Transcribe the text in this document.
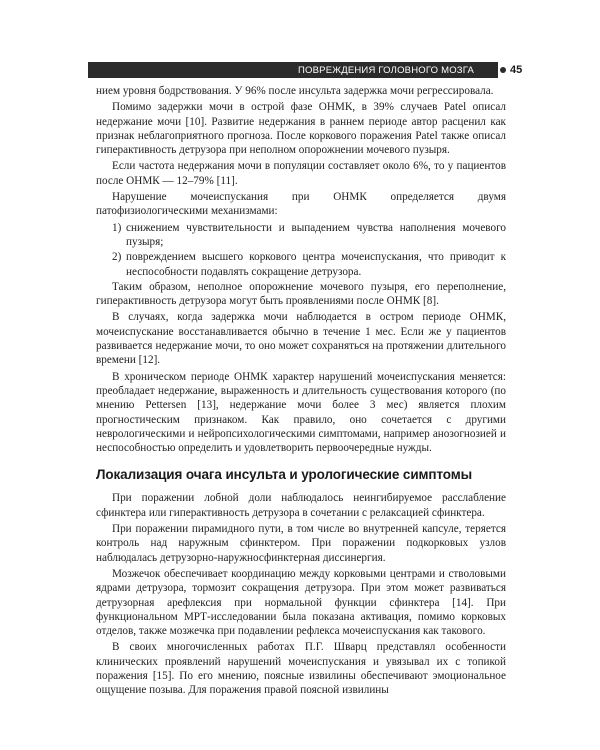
ПОВРЕЖДЕНИЯ ГОЛОВНОГО МОЗГА	45

нием уровня бодрствования. У 96% после инсульта задержка мочи регрессировала.

Помимо задержки мочи в острой фазе ОНМК, в 39% случаев Patel описал недержание мочи [10]. Развитие недержания в раннем периоде автор расценил как признак неблагоприятного прогноза. После коркового поражения Patel также описал гиперактивность детрузора при неполном опорожнении мочевого пузыря.

Если частота недержания мочи в популяции составляет около 6%, то у пациентов после ОНМК — 12–79% [11].

Нарушение мочеиспускания при ОНМК определяется двумя патофизиологическими механизмами:

1) снижением чувствительности и выпадением чувства наполнения мочевого пузыря;

2) повреждением высшего коркового центра мочеиспускания, что приводит к неспособности подавлять сокращение детрузора.

Таким образом, неполное опорожнение мочевого пузыря, его переполнение, гиперактивность детрузора могут быть проявлениями после ОНМК [8].

В случаях, когда задержка мочи наблюдается в остром периоде ОНМК, мочеиспускание восстанавливается обычно в течение 1 мес. Если же у пациентов развивается недержание мочи, то оно может сохраняться на протяжении длительного времени [12].

В хроническом периоде ОНМК характер нарушений мочеиспускания меняется: преобладает недержание, выраженность и длительность существования которого (по мнению Pettersen [13], недержание мочи более 3 мес) является плохим прогностическим признаком. Как правило, оно сочетается с другими неврологическими и нейропсихологическими симптомами, например анозогнозией и неспособностью определить и удовлетворить первоочередные нужды.

Локализация очага инсульта и урологические симптомы

При поражении лобной доли наблюдалось неингибируемое расслабление сфинктера или гиперактивность детрузора в сочетании с релаксацией сфинктера.

При поражении пирамидного пути, в том числе во внутренней капсуле, теряется контроль над наружным сфинктером. При поражении подкорковых узлов наблюдалась детрузорно-наружносфинктерная диссинергия.

Мозжечок обеспечивает координацию между корковыми центрами и стволовыми ядрами детрузора, тормозит сокращения детрузора. При этом может развиваться детрузорная арефлексия при нормальной функции сфинктера [14]. При функциональном МРТ-исследовании была показана активация, помимо корковых отделов, также мозжечка при подавлении рефлекса мочеиспускания как такового.

В своих многочисленных работах П.Г. Шварц представлял особенности клинических проявлений нарушений мочеиспускания и увязывал их с топикой поражения [15]. По его мнению, поясные извилины обеспечивают эмоциональное ощущение позыва. Для поражения правой поясной извилины
